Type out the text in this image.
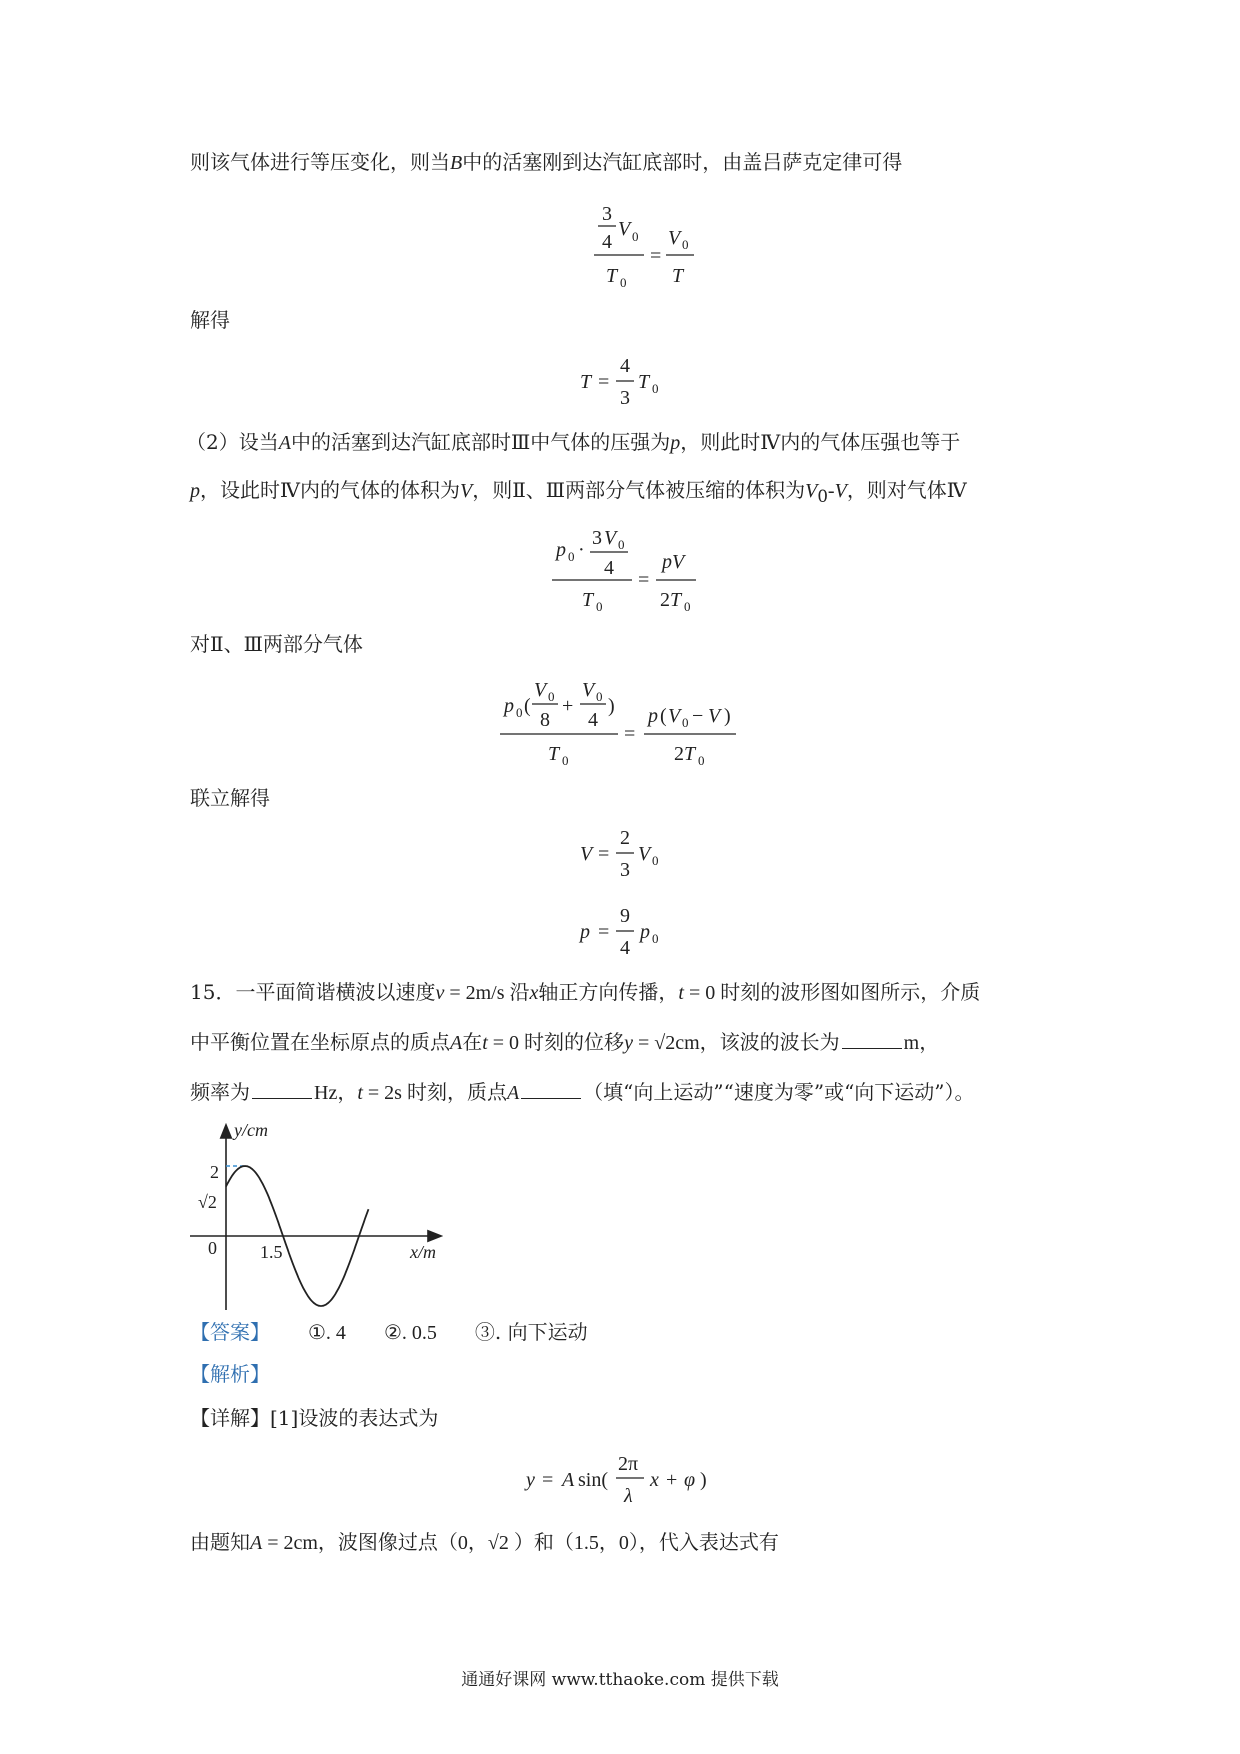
则该气体进行等压变化，则当B中的活塞刚到达汽缸底部时，由盖吕萨克定律可得
3
4
V 0
T 0
=
V 0
T
解得
T =
4
3
T 0
（2）设当A中的活塞到达汽缸底部时Ⅲ中气体的压强为p，则此时Ⅳ内的气体压强也等于
p，设此时Ⅳ内的气体的体积为V，则Ⅱ、Ⅲ两部分气体被压缩的体积为$V_0-V$，则对气体Ⅳ
p 0 ·
3 V 0
4
T 0
=
pV
2 T 0
对Ⅱ、Ⅲ两部分气体
p 0 (
V 0
8
+
V 0
4
)
T 0
=
p ( V 0 − V )
2 T 0
联立解得
V =
2
3
V 0
p =
9
4
p 0
15．一平面简谐横波以速度v = 2m/s 沿x轴正方向传播，t = 0 时刻的波形图如图所示，介质
中平衡位置在坐标原点的质点A在t = 0 时刻的位移y = √2cm，该波的波长为	m，
频率为	Hz，t = 2s 时刻，质点A	（填“向上运动”“速度为零”或“向下运动”）。
y/cm
x/m
2
√2
0 1.5
【答案】 ①. 4 ②. 0.5 ③. 向下运动
【解析】
【详解】[1]设波的表达式为
y = A sin(
2π
λ
x + φ )
由题知A = 2cm，波图像过点（0，√2 ）和（1.5，0），代入表达式有
通通好课网 www.tthaoke.com 提供下载
